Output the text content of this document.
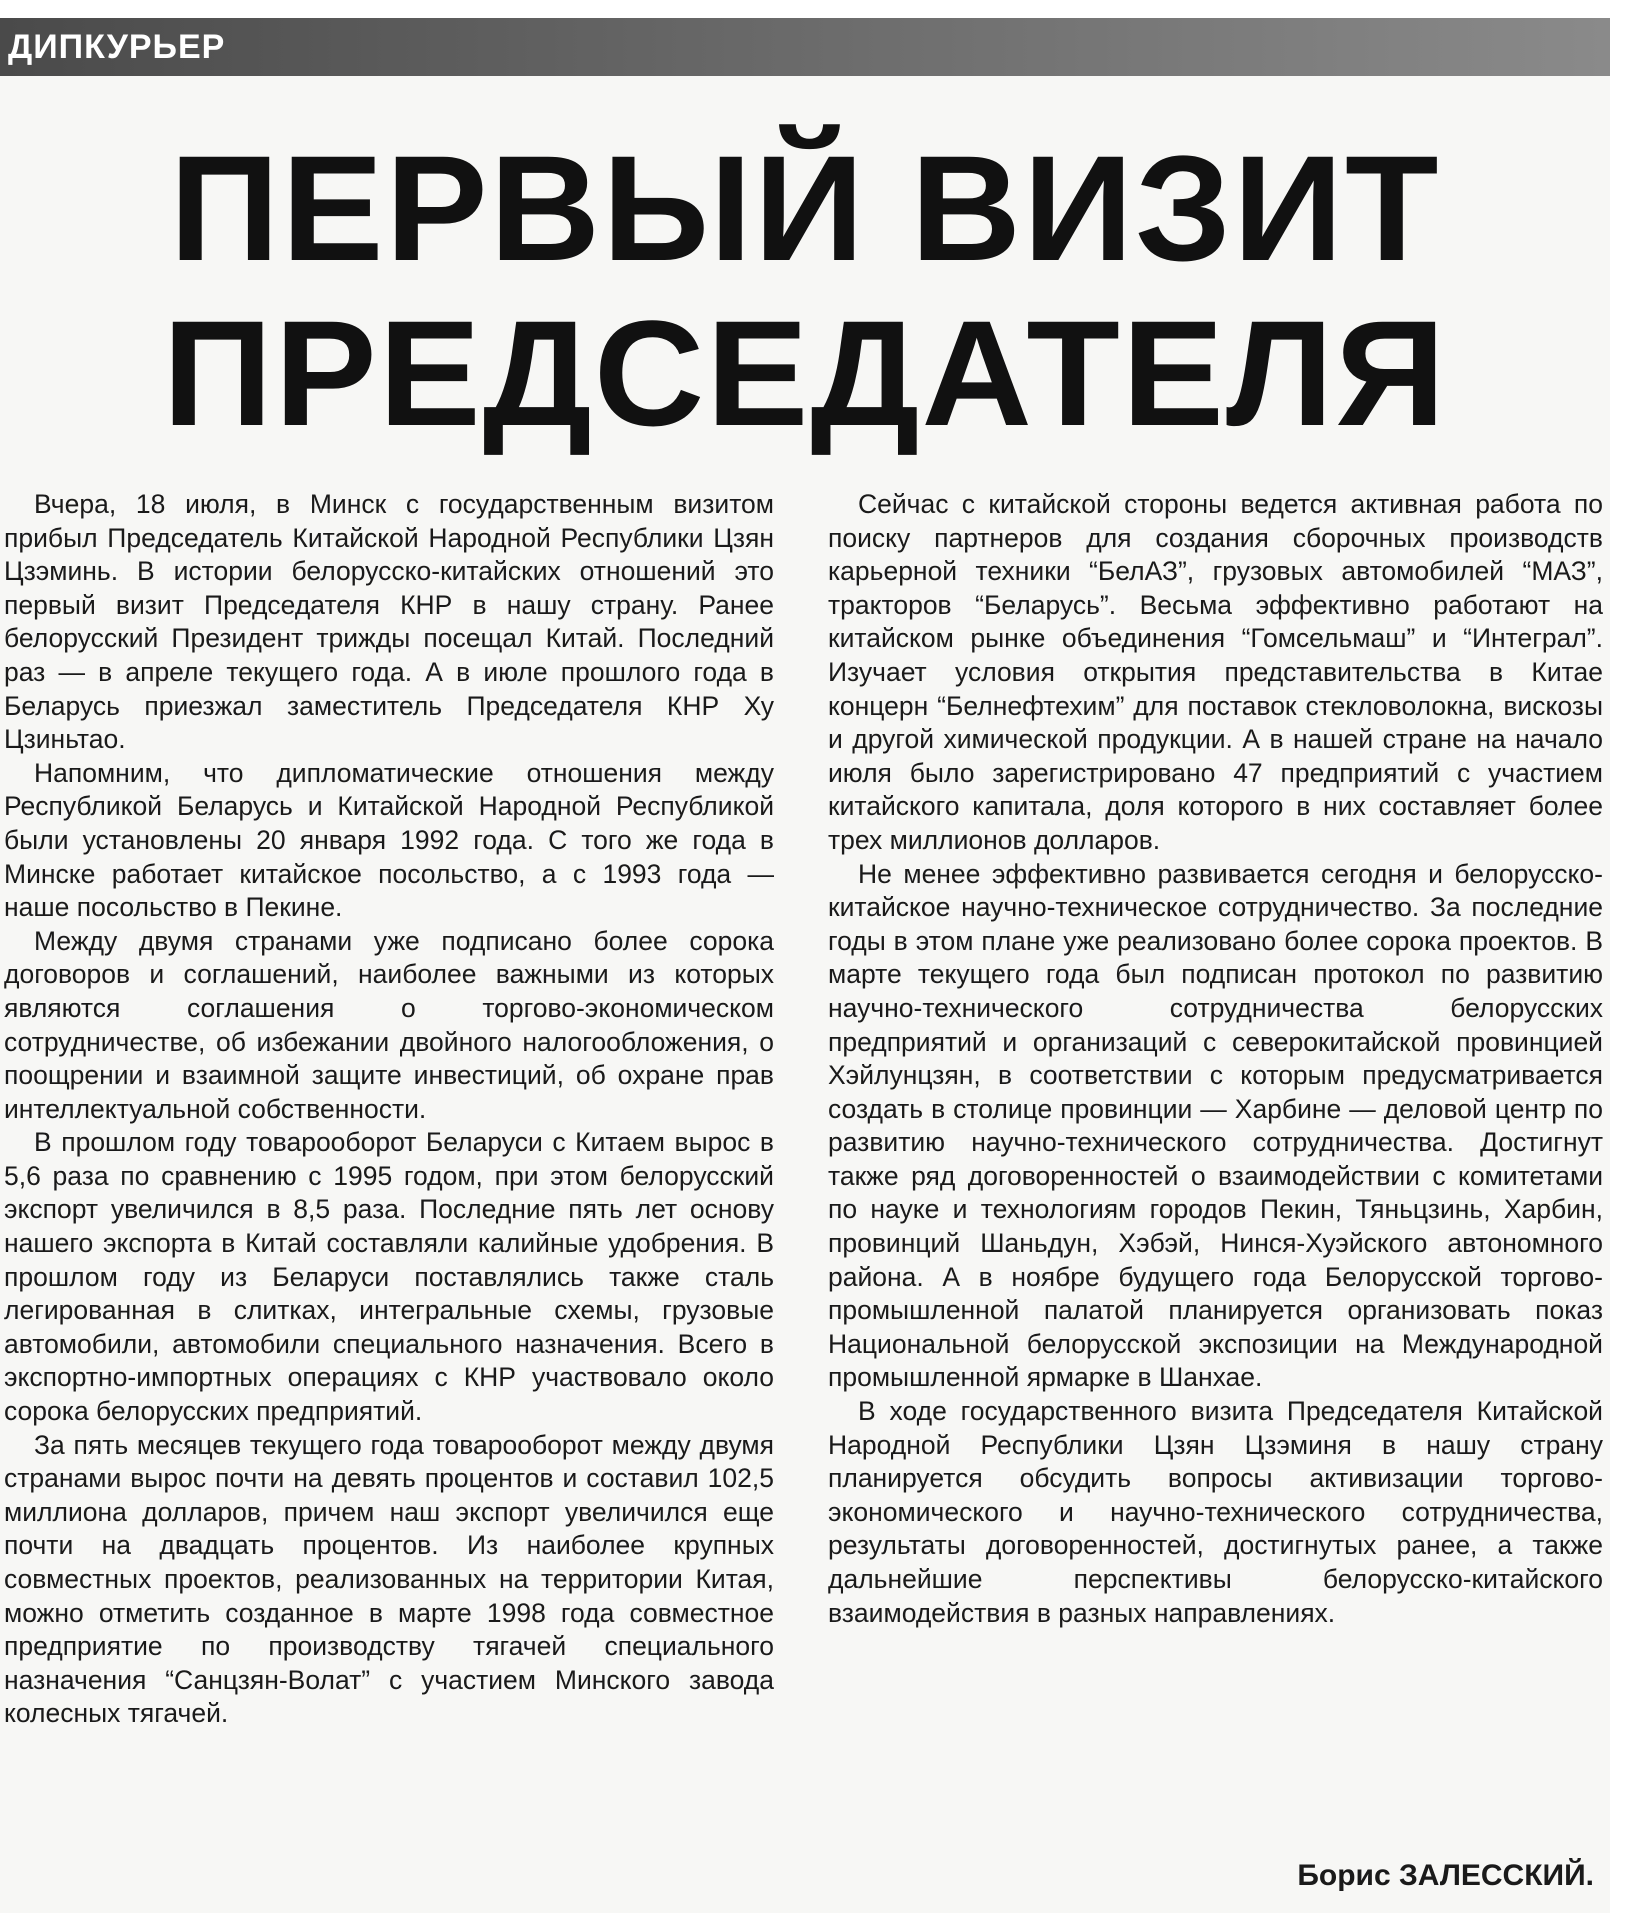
ДИПКУРЬЕР
ПЕРВЫЙ ВИЗИТ
ПРЕДСЕДАТЕЛЯ

Вчера, 18 июля, в Минск с государственным визитом прибыл Председатель Китайской Народной Республики Цзян Цзэминь. В истории белорусско-китайских отношений это первый визит Председателя КНР в нашу страну. Ранее белорусский Президент трижды посещал Китай. Последний раз — в апреле текущего года. А в июле прошлого года в Беларусь приезжал заместитель Председателя КНР Ху Цзиньтао.

Напомним, что дипломатические отношения между Республикой Беларусь и Китайской Народной Республикой были установлены 20 января 1992 года. С того же года в Минске работает китайское посольство, а с 1993 года — наше посольство в Пекине.

Между двумя странами уже подписано более сорока договоров и соглашений, наиболее важными из которых являются соглашения о торгово-экономическом сотрудничестве, об избежании двойного налогообложения, о поощрении и взаимной защите инвестиций, об охране прав интеллектуальной собственности.

В прошлом году товарооборот Беларуси с Китаем вырос в 5,6 раза по сравнению с 1995 годом, при этом белорусский экспорт увеличился в 8,5 раза. Последние пять лет основу нашего экспорта в Китай составляли калийные удобрения. В прошлом году из Беларуси поставлялись также сталь легированная в слитках, интегральные схемы, грузовые автомобили, автомобили специального назначения. Всего в экспортно-импортных операциях с КНР участвовало около сорока белорусских предприятий.

За пять месяцев текущего года товарооборот между двумя странами вырос почти на девять процентов и составил 102,5 миллиона долларов, причем наш экспорт увеличился еще почти на двадцать процентов. Из наиболее крупных совместных проектов, реализованных на территории Китая, можно отметить созданное в марте 1998 года совместное предприятие по производству тягачей специального назначения “Санцзян-Волат” с участием Минского завода колесных тягачей.

Сейчас с китайской стороны ведется активная работа по поиску партнеров для создания сборочных производств карьерной техники “БелАЗ”, грузовых автомобилей “МАЗ”, тракторов “Беларусь”. Весьма эффективно работают на китайском рынке объединения “Гомсельмаш” и “Интеграл”. Изучает условия открытия представительства в Китае концерн “Белнефтехим” для поставок стекловолокна, вискозы и другой химической продукции. А в нашей стране на начало июля было зарегистрировано 47 предприятий с участием китайского капитала, доля которого в них составляет более трех миллионов долларов.

Не менее эффективно развивается сегодня и белорусско-китайское научно-техническое сотрудничество. За последние годы в этом плане уже реализовано более сорока проектов. В марте текущего года был подписан протокол по развитию научно-технического сотрудничества белорусских предприятий и организаций с северокитайской провинцией Хэйлунцзян, в соответствии с которым предусматривается создать в столице провинции — Харбине — деловой центр по развитию научно-технического сотрудничества. Достигнут также ряд договоренностей о взаимодействии с комитетами по науке и технологиям городов Пекин, Тяньцзинь, Харбин, провинций Шаньдун, Хэбэй, Нинся-Хуэйского автономного района. А в ноябре будущего года Белорусской торгово-промышленной палатой планируется организовать показ Национальной белорусской экспозиции на Международной промышленной ярмарке в Шанхае.

В ходе государственного визита Председателя Китайской Народной Республики Цзян Цзэминя в нашу страну планируется обсудить вопросы активизации торгово-экономического и научно-технического сотрудничества, результаты договоренностей, достигнутых ранее, а также дальнейшие перспективы белорусско-китайского взаимодействия в разных направлениях.

Борис ЗАЛЕССКИЙ.
